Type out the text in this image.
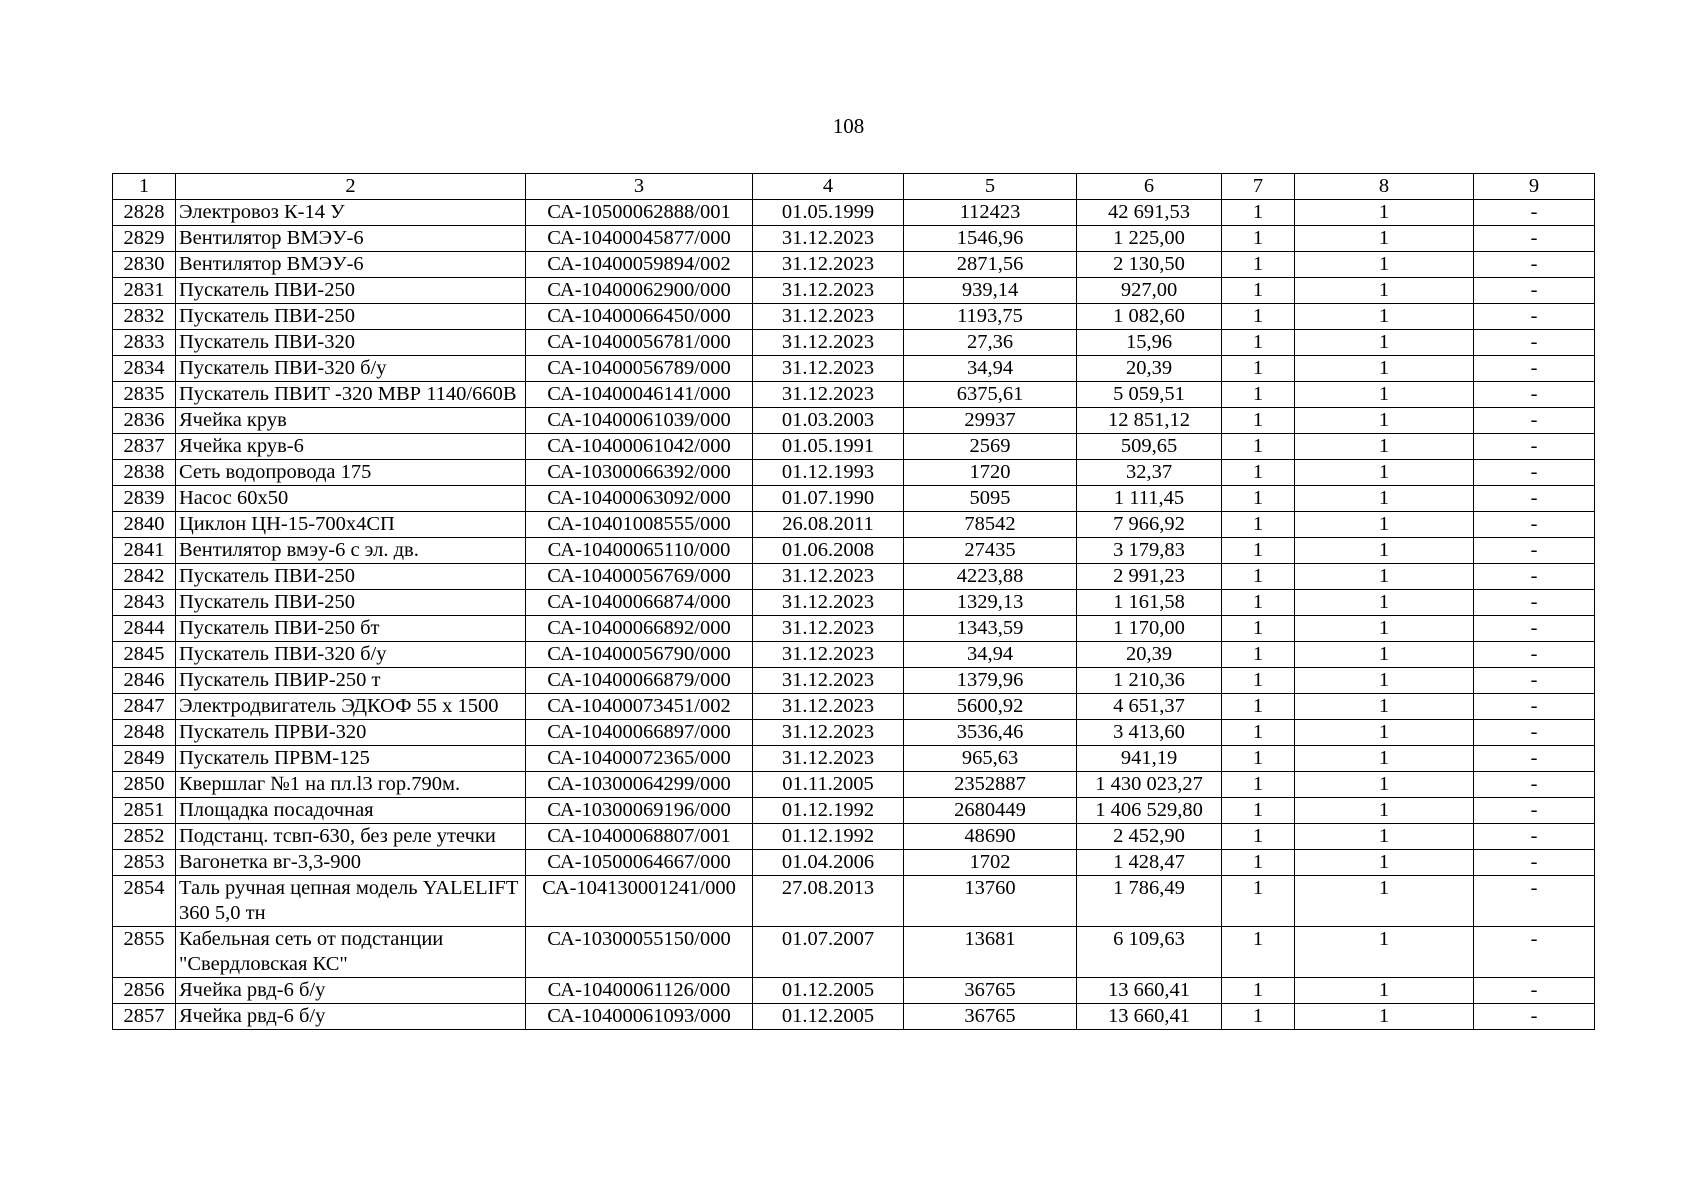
108
1	2	3	4	5	6	7	8	9
2828	Электровоз К-14 У	СА-10500062888/001	01.05.1999	112423	42 691,53	1	1	-
2829	Вентилятор ВМЭУ-6	СА-10400045877/000	31.12.2023	1546,96	1 225,00	1	1	-
2830	Вентилятор ВМЭУ-6	СА-10400059894/002	31.12.2023	2871,56	2 130,50	1	1	-
2831	Пускатель ПВИ-250	СА-10400062900/000	31.12.2023	939,14	927,00	1	1	-
2832	Пускатель ПВИ-250	СА-10400066450/000	31.12.2023	1193,75	1 082,60	1	1	-
2833	Пускатель ПВИ-320	СА-10400056781/000	31.12.2023	27,36	15,96	1	1	-
2834	Пускатель ПВИ-320 б/у	СА-10400056789/000	31.12.2023	34,94	20,39	1	1	-
2835	Пускатель ПВИТ -320 МВР 1140/660В	СА-10400046141/000	31.12.2023	6375,61	5 059,51	1	1	-
2836	Ячейка крув	СА-10400061039/000	01.03.2003	29937	12 851,12	1	1	-
2837	Ячейка крув-6	СА-10400061042/000	01.05.1991	2569	509,65	1	1	-
2838	Сеть водопровода 175	СА-10300066392/000	01.12.1993	1720	32,37	1	1	-
2839	Насос 60х50	СА-10400063092/000	01.07.1990	5095	1 111,45	1	1	-
2840	Циклон ЦН-15-700х4СП	СА-10401008555/000	26.08.2011	78542	7 966,92	1	1	-
2841	Вентилятор вмэу-6 с эл. дв.	СА-10400065110/000	01.06.2008	27435	3 179,83	1	1	-
2842	Пускатель ПВИ-250	СА-10400056769/000	31.12.2023	4223,88	2 991,23	1	1	-
2843	Пускатель ПВИ-250	СА-10400066874/000	31.12.2023	1329,13	1 161,58	1	1	-
2844	Пускатель ПВИ-250 бт	СА-10400066892/000	31.12.2023	1343,59	1 170,00	1	1	-
2845	Пускатель ПВИ-320 б/у	СА-10400056790/000	31.12.2023	34,94	20,39	1	1	-
2846	Пускатель ПВИР-250 т	СА-10400066879/000	31.12.2023	1379,96	1 210,36	1	1	-
2847	Электродвигатель ЭДКОФ 55 х 1500	СА-10400073451/002	31.12.2023	5600,92	4 651,37	1	1	-
2848	Пускатель ПРВИ-320	СА-10400066897/000	31.12.2023	3536,46	3 413,60	1	1	-
2849	Пускатель ПРВМ-125	СА-10400072365/000	31.12.2023	965,63	941,19	1	1	-
2850	Квершлаг №1 на пл.l3 гор.790м.	СА-10300064299/000	01.11.2005	2352887	1 430 023,27	1	1	-
2851	Площадка посадочная	СА-10300069196/000	01.12.1992	2680449	1 406 529,80	1	1	-
2852	Подстанц. тсвп-630, без реле утечки	СА-10400068807/001	01.12.1992	48690	2 452,90	1	1	-
2853	Вагонетка вг-3,3-900	СА-10500064667/000	01.04.2006	1702	1 428,47	1	1	-
2854	Таль ручная цепная модель YALELIFT 360 5,0 тн	СА-104130001241/000	27.08.2013	13760	1 786,49	1	1	-
2855	Кабельная сеть от подстанции "Свердловская КС"	СА-10300055150/000	01.07.2007	13681	6 109,63	1	1	-
2856	Ячейка рвд-6 б/у	СА-10400061126/000	01.12.2005	36765	13 660,41	1	1	-
2857	Ячейка рвд-6 б/у	СА-10400061093/000	01.12.2005	36765	13 660,41	1	1	-
